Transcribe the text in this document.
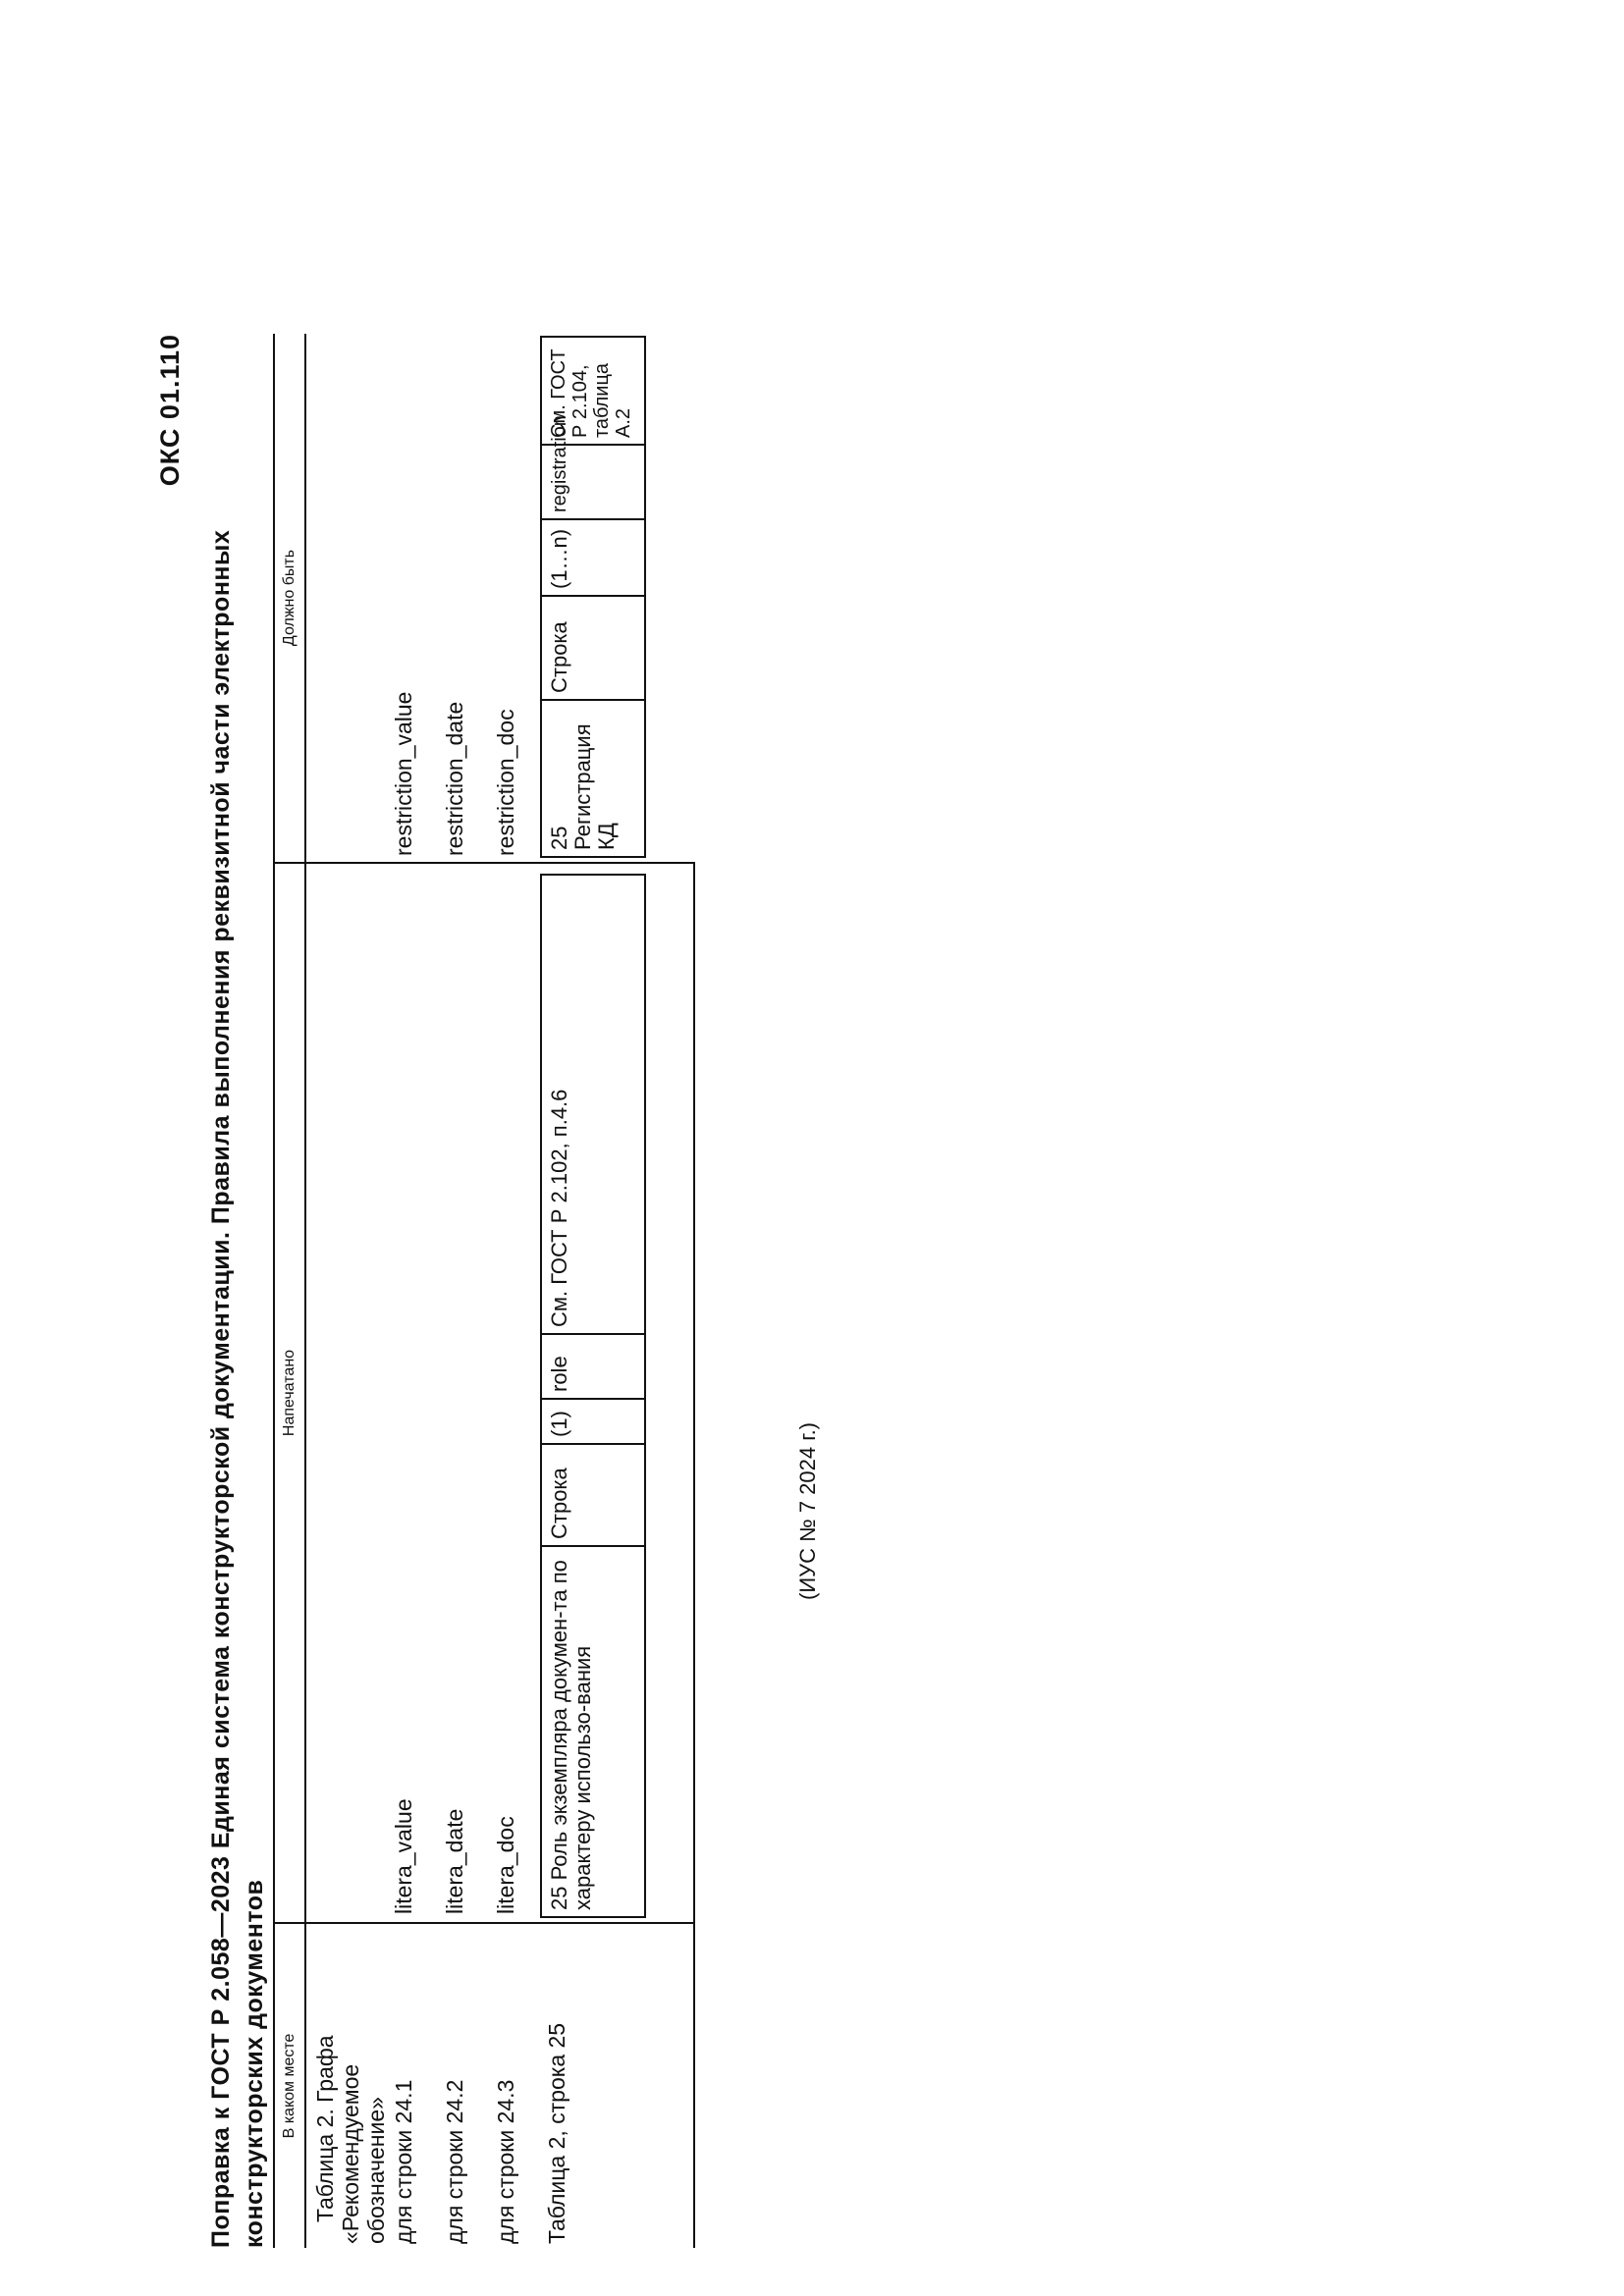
ОКС 01.110
Поправка к ГОСТ Р 2.058—2023 Единая система конструкторской документации. Правила выполнения реквизитной части электронных конструкторских документов В каком месте
Напечатано
Должно быть
Таблица 2. Графа «Рекомендуемое обозначение» для строки 24.1 для строки 24.2 для строки 24.3 Таблица 2, строка 25
litera_value litera_date litera_doc
restriction_value restriction_date restriction_doc
25 Роль экземпляра докумен-та по характеру использо-вания
Строка
(1)
role
См. ГОСТ Р 2.102, п.4.6
25 Регистрация КД
Строка
(1…n)
registration
См. ГОСТ Р 2.104, таблица А.2
(ИУС № 7 2024 г.)
